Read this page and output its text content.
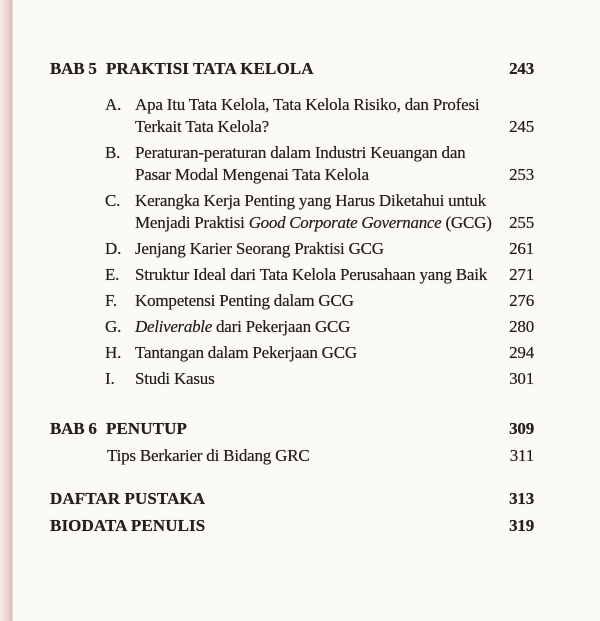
BAB 5 PRAKTISI TATA KELOLA	243
A. Apa Itu Tata Kelola, Tata Kelola Risiko, dan Profesi
Terkait Tata Kelola?	245
B. Peraturan-peraturan dalam Industri Keuangan dan
Pasar Modal Mengenai Tata Kelola	253
C. Kerangka Kerja Penting yang Harus Diketahui untuk
Menjadi Praktisi Good Corporate Governance (GCG)	255
D. Jenjang Karier Seorang Praktisi GCG	261
E. Struktur Ideal dari Tata Kelola Perusahaan yang Baik	271
F.	Kompetensi Penting dalam GCG	276
G. Deliverable dari Pekerjaan GCG	280
H. Tantangan dalam Pekerjaan GCG	294
I.	Studi Kasus	301
BAB 6 PENUTUP	309
Tips Berkarier di Bidang GRC	311
DAFTAR PUSTAKA	313
BIODATA PENULIS	319
